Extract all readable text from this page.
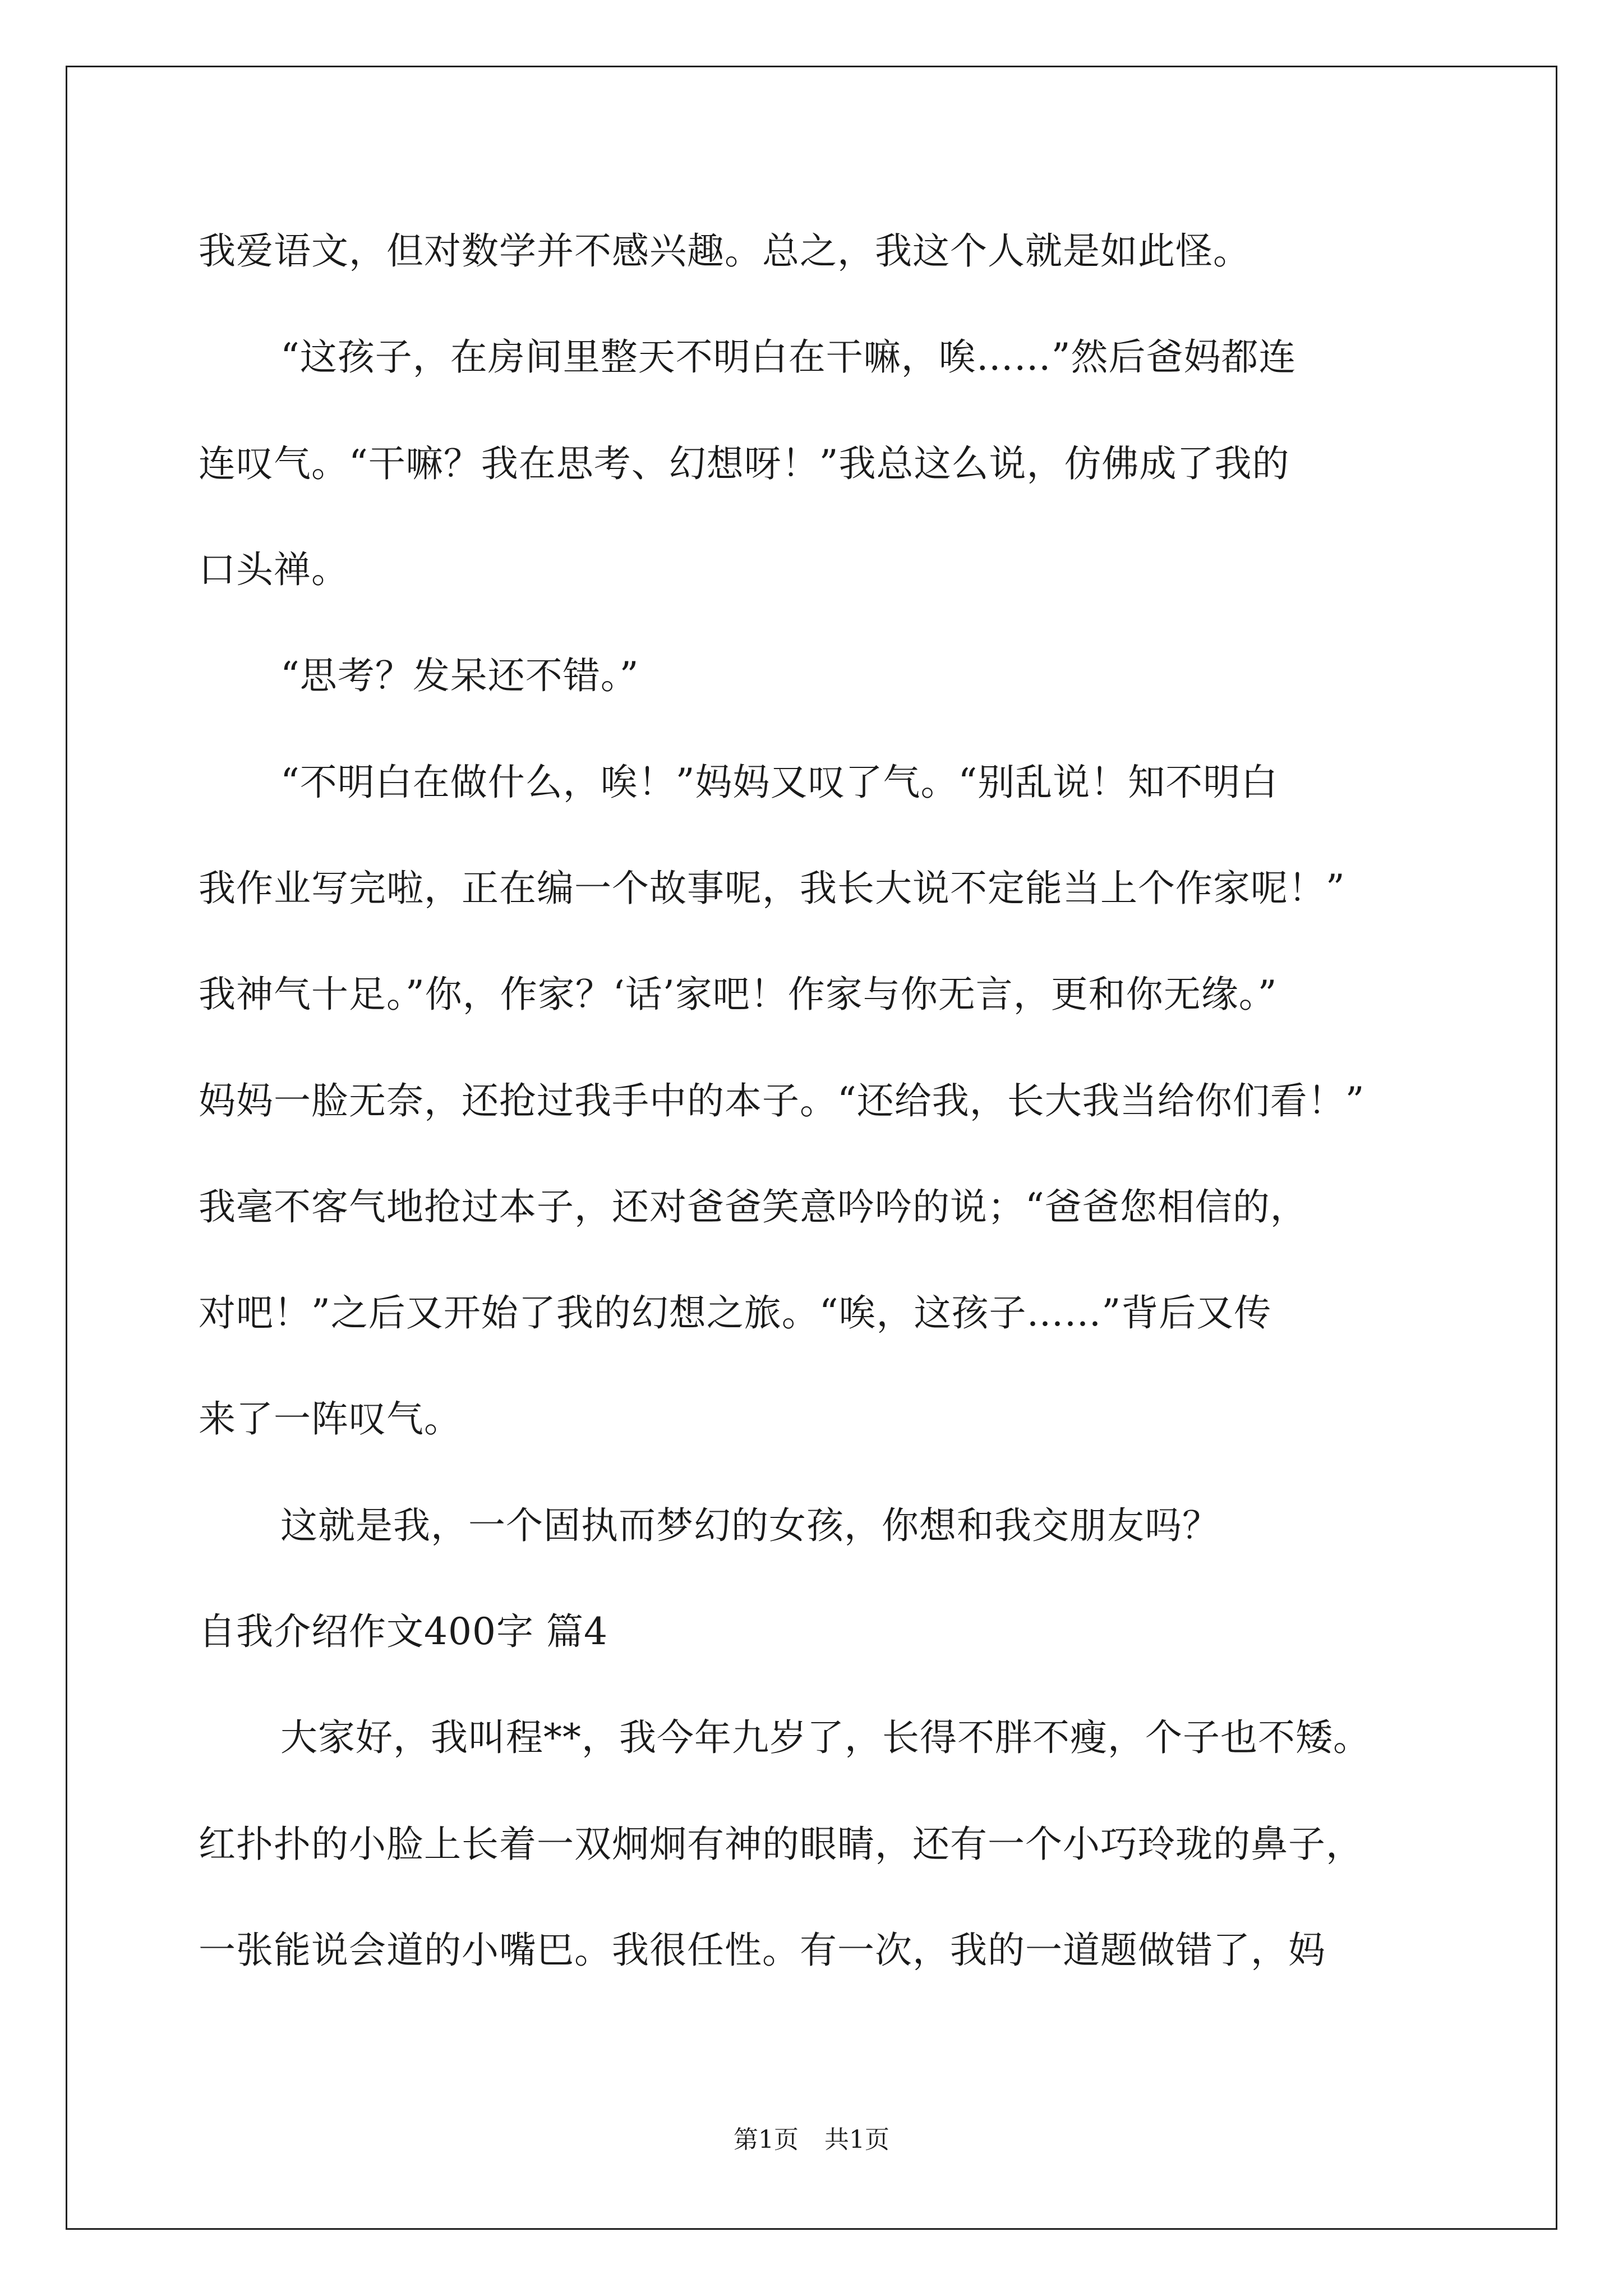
我爱语文，但对数学并不感兴趣。总之，我这个人就是如此怪。
“这孩子，在房间里整天不明白在干嘛，唉……”然后爸妈都连
连叹气。“干嘛？我在思考、幻想呀！”我总这么说，仿佛成了我的
口头禅。
“思考？发呆还不错。”
“不明白在做什么，唉！”妈妈又叹了气。“别乱说！知不明白
我作业写完啦，正在编一个故事呢，我长大说不定能当上个作家呢！”
我神气十足。”你，作家？‘话’家吧！作家与你无言，更和你无缘。”
妈妈一脸无奈，还抢过我手中的本子。“还给我，长大我当给你们看！”
我毫不客气地抢过本子，还对爸爸笑意吟吟的说；“爸爸您相信的，
对吧！”之后又开始了我的幻想之旅。“唉，这孩子……”背后又传
来了一阵叹气。
这就是我，一个固执而梦幻的女孩，你想和我交朋友吗？
自我介绍作文400字 篇4
大家好，我叫程**，我今年九岁了，长得不胖不瘦，个子也不矮。
红扑扑的小脸上长着一双炯炯有神的眼睛，还有一个小巧玲珑的鼻子，
一张能说会道的小嘴巴。我很任性。有一次，我的一道题做错了，妈
第1页 共1页
